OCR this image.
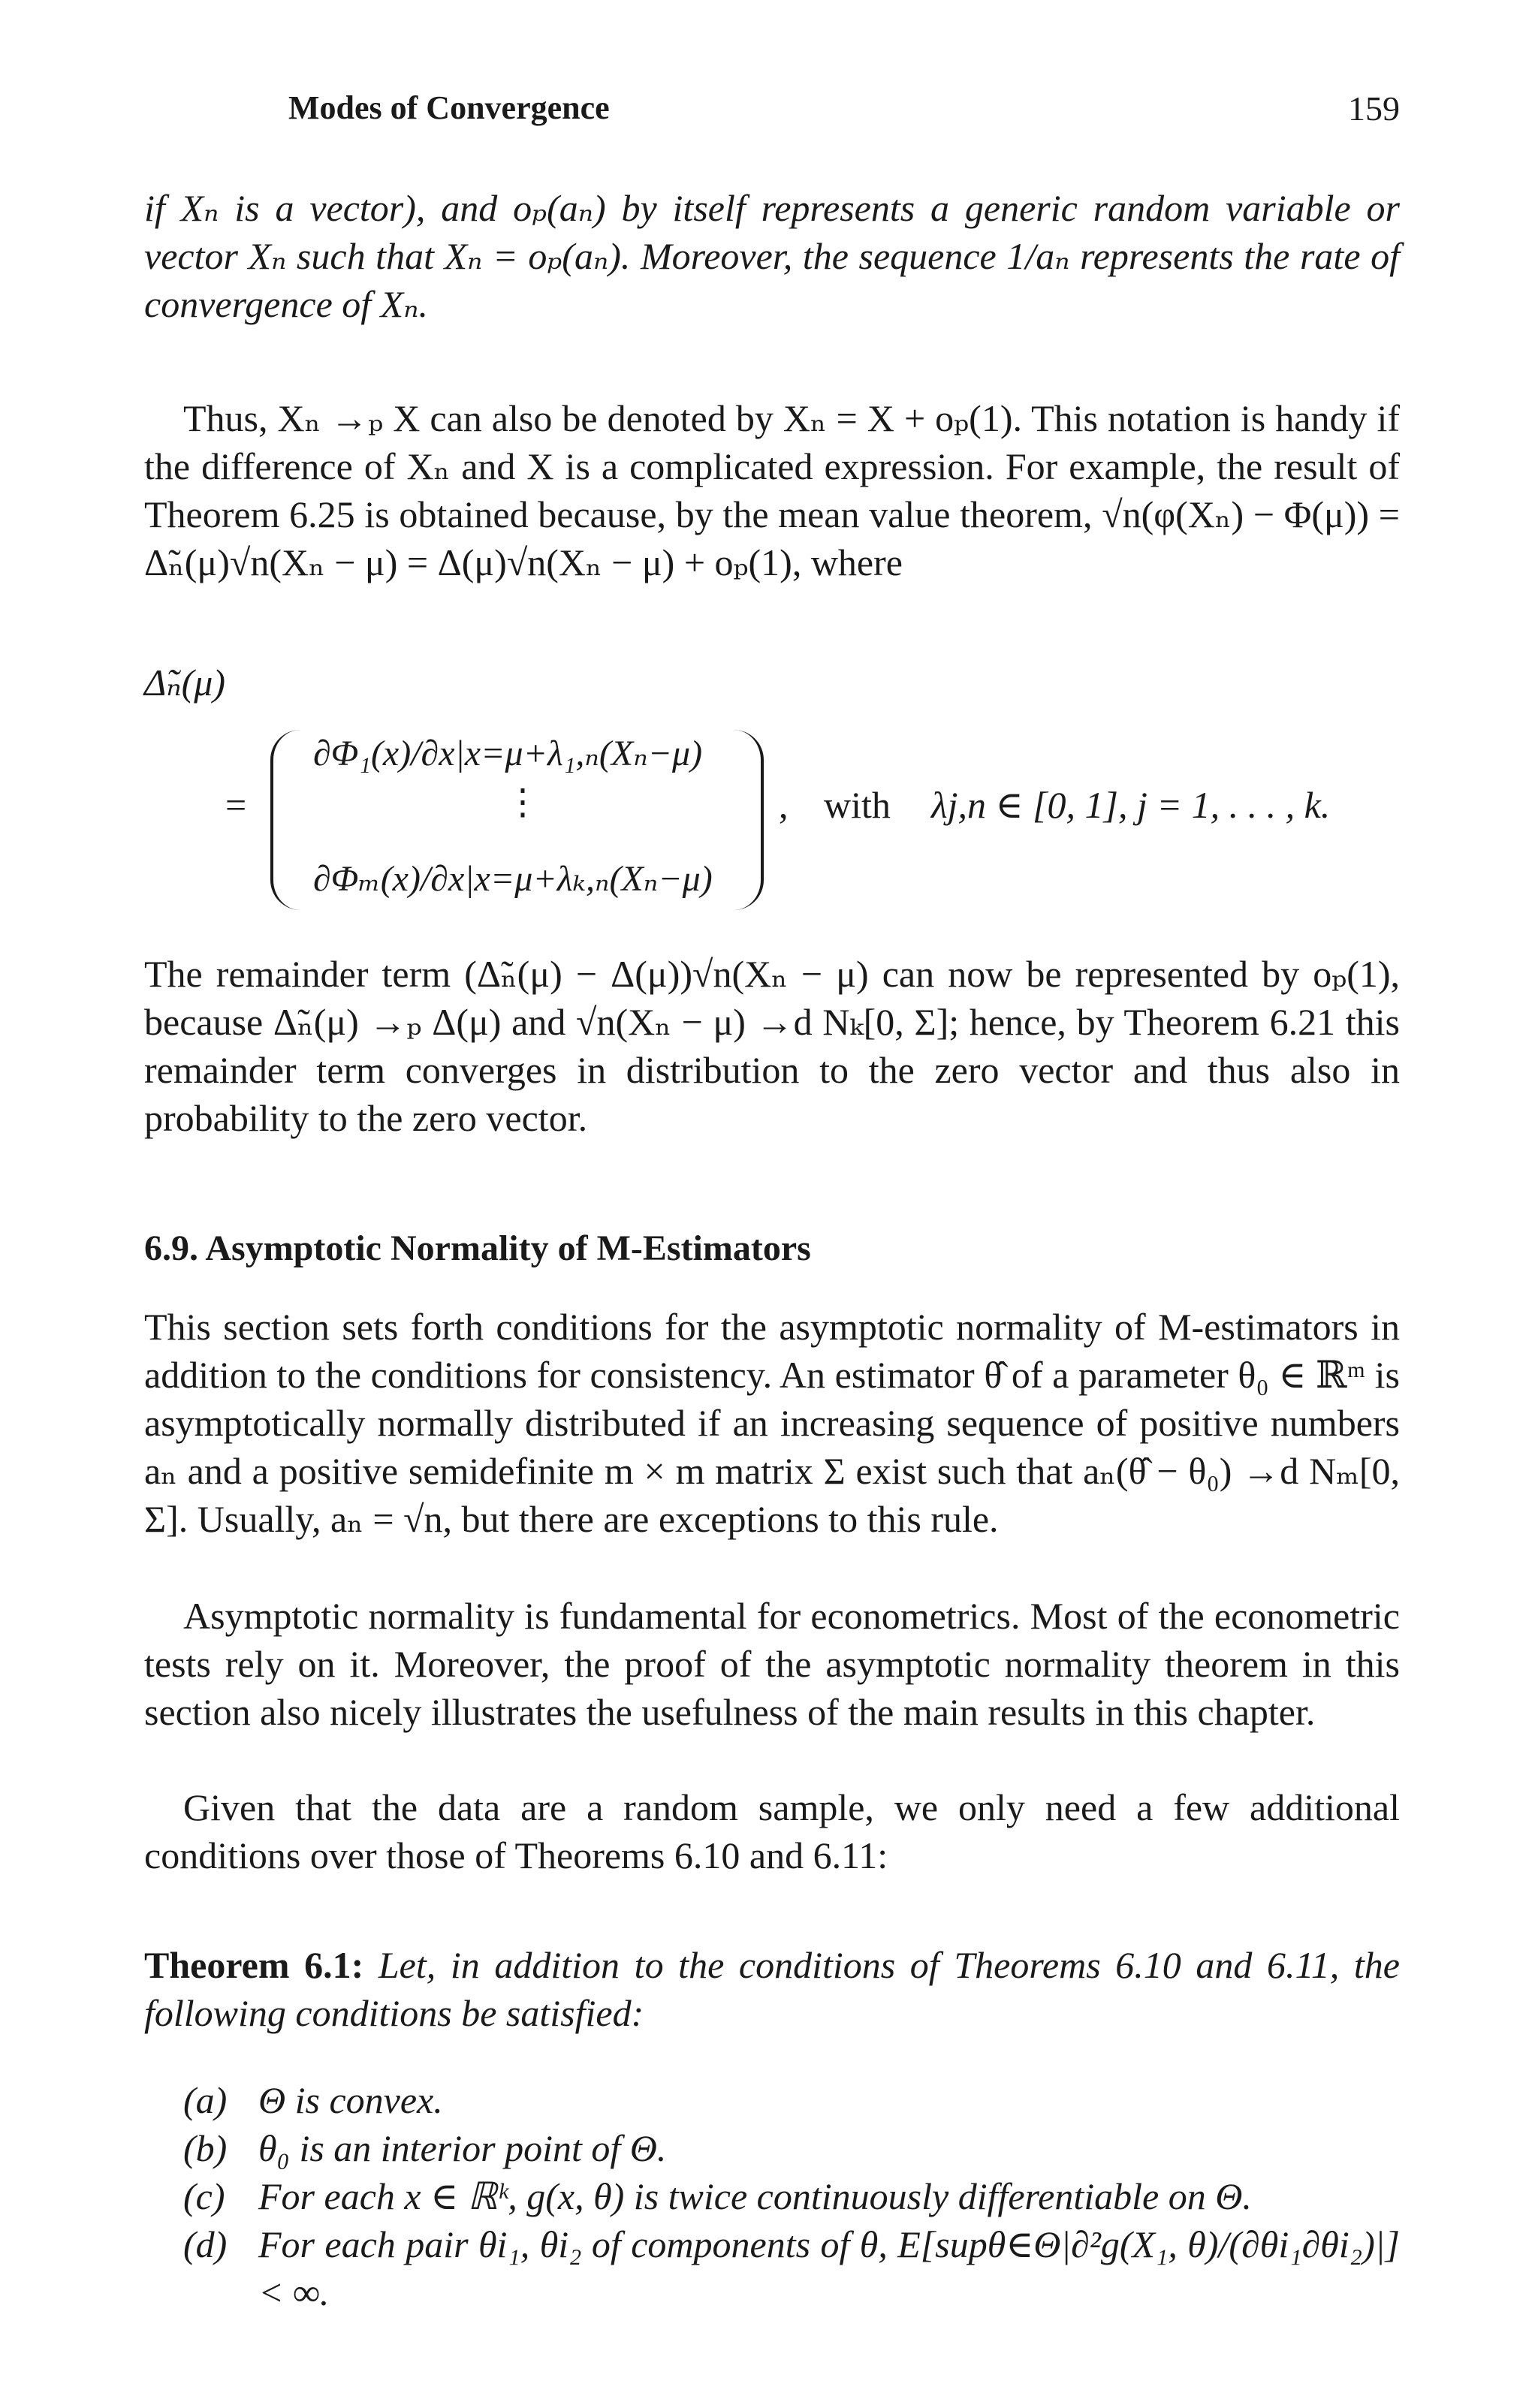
Modes of Convergence	159
if Xₙ is a vector), and oₚ(aₙ) by itself represents a generic random variable or vector Xₙ such that Xₙ = oₚ(aₙ). Moreover, the sequence 1/aₙ represents the rate of convergence of Xₙ.
Thus, Xₙ →ₚ X can also be denoted by Xₙ = X + oₚ(1). This notation is handy if the difference of Xₙ and X is a complicated expression. For example, the result of Theorem 6.25 is obtained because, by the mean value theorem, √n(φ(Xₙ) − Φ(μ)) = Δ̃ₙ(μ)√n(Xₙ − μ) = Δ(μ)√n(Xₙ − μ) + oₚ(1), where
Δ̃ₙ(μ)
=
∂Φ₁(x)/∂x|x=μ+λ₁,ₙ(Xₙ−μ)
⋮
∂Φₘ(x)/∂x|x=μ+λₖ,ₙ(Xₙ−μ)
, with λj,n ∈ [0, 1], j = 1, . . . , k.
The remainder term (Δ̃ₙ(μ) − Δ(μ))√n(Xₙ − μ) can now be represented by oₚ(1), because Δ̃ₙ(μ) →ₚ Δ(μ) and √n(Xₙ − μ) →d Nₖ[0, Σ]; hence, by Theorem 6.21 this remainder term converges in distribution to the zero vector and thus also in probability to the zero vector.
6.9. Asymptotic Normality of M-Estimators
This section sets forth conditions for the asymptotic normality of M-estimators in addition to the conditions for consistency. An estimator θ̂ of a parameter θ₀ ∈ ℝᵐ is asymptotically normally distributed if an increasing sequence of positive numbers aₙ and a positive semidefinite m × m matrix Σ exist such that aₙ(θ̂ − θ₀) →d Nₘ[0, Σ]. Usually, aₙ = √n, but there are exceptions to this rule.
Asymptotic normality is fundamental for econometrics. Most of the econometric tests rely on it. Moreover, the proof of the asymptotic normality theorem in this section also nicely illustrates the usefulness of the main results in this chapter.
Given that the data are a random sample, we only need a few additional conditions over those of Theorems 6.10 and 6.11:
Theorem 6.1: Let, in addition to the conditions of Theorems 6.10 and 6.11, the following conditions be satisfied:
(a) Θ is convex.
(b) θ₀ is an interior point of Θ.
(c) For each x ∈ ℝᵏ, g(x, θ) is twice continuously differentiable on Θ.
(d) For each pair θi₁, θi₂ of components of θ, E[supθ∈Θ|∂²g(X₁, θ)/(∂θi₁∂θi₂)|] < ∞.
